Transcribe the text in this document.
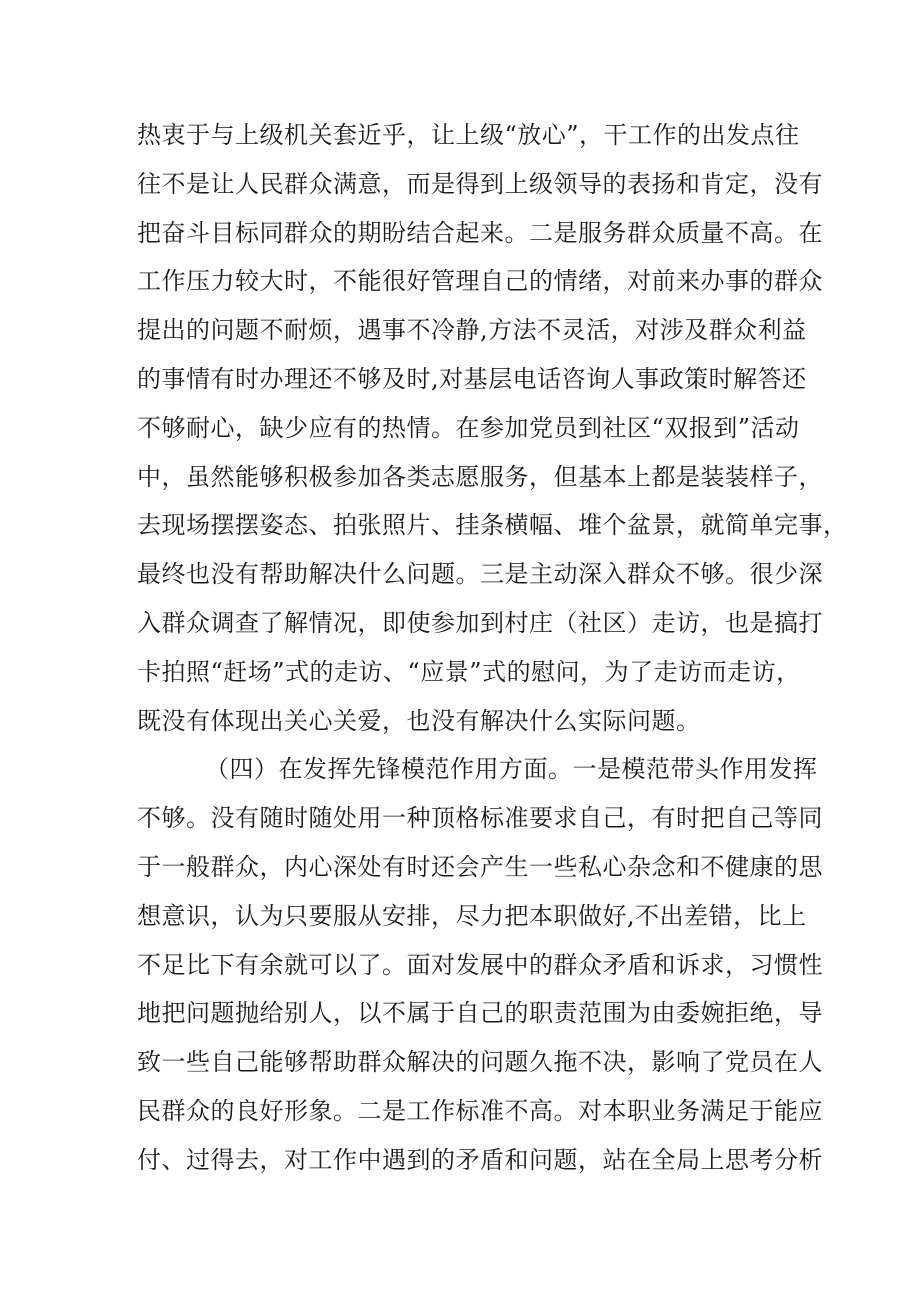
热衷于与上级机关套近乎，让上级“放心”，干工作的出发点往
往不是让人民群众满意，而是得到上级领导的表扬和肯定，没有
把奋斗目标同群众的期盼结合起来。二是服务群众质量不高。在
工作压力较大时，不能很好管理自己的情绪，对前来办事的群众
提出的问题不耐烦，遇事不冷静,方法不灵活，对涉及群众利益
的事情有时办理还不够及时,对基层电话咨询人事政策时解答还
不够耐心，缺少应有的热情。在参加党员到社区“双报到”活动
中，虽然能够积极参加各类志愿服务，但基本上都是装装样子，
去现场摆摆姿态、拍张照片、挂条横幅、堆个盆景，就简单完事，
最终也没有帮助解决什么问题。三是主动深入群众不够。很少深
入群众调查了解情况，即使参加到村庄（社区）走访，也是搞打
卡拍照“赶场”式的走访、“应景”式的慰问，为了走访而走访，
既没有体现出关心关爱，也没有解决什么实际问题。
（四）在发挥先锋模范作用方面。一是模范带头作用发挥
不够。没有随时随处用一种顶格标准要求自己，有时把自己等同
于一般群众，内心深处有时还会产生一些私心杂念和不健康的思
想意识，认为只要服从安排，尽力把本职做好,不出差错，比上
不足比下有余就可以了。面对发展中的群众矛盾和诉求，习惯性
地把问题抛给别人，以不属于自己的职责范围为由委婉拒绝，导
致一些自己能够帮助群众解决的问题久拖不决，影响了党员在人
民群众的良好形象。二是工作标准不高。对本职业务满足于能应
付、过得去，对工作中遇到的矛盾和问题，站在全局上思考分析
